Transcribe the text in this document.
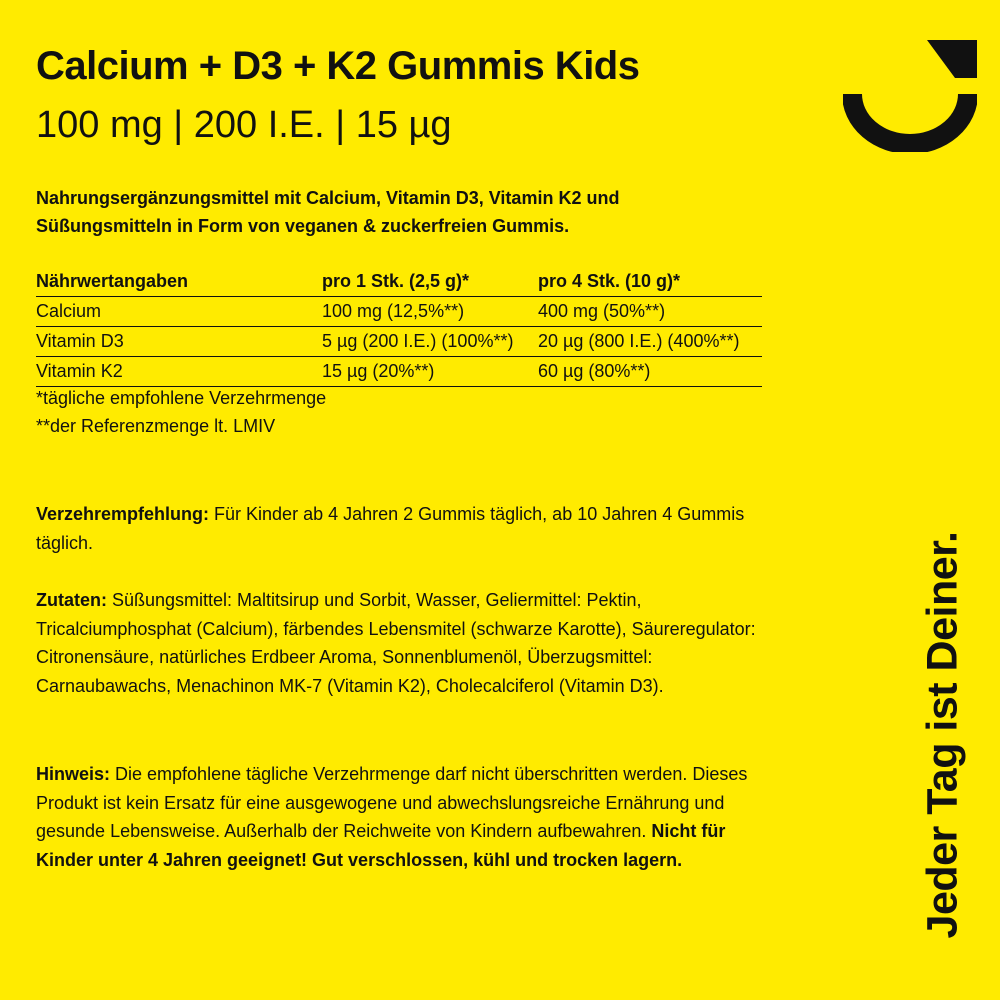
Calcium + D3 + K2 Gummis Kids
100 mg | 200 I.E. | 15 µg

Nahrungsergänzungsmittel mit Calcium, Vitamin D3, Vitamin K2 und Süßungsmitteln in Form von veganen & zuckerfreien Gummis.

Nährwertangaben	pro 1 Stk. (2,5 g)*	pro 4 Stk. (10 g)*
Calcium	100 mg (12,5%**)	400 mg (50%**)
Vitamin D3	5 µg (200 I.E.) (100%**)	20 µg (800 I.E.) (400%**)
Vitamin K2	15 µg (20%**)	60 µg (80%**)

*tägliche empfohlene Verzehrmenge

**der Referenzmenge lt. LMIV

Verzehrempfehlung: Für Kinder ab 4 Jahren 2 Gummis täglich, ab 10 Jahren 4 Gummis täglich.

Zutaten: Süßungsmittel: Maltitsirup und Sorbit, Wasser, Geliermittel: Pektin, Tricalciumphosphat (Calcium), färbendes Lebensmitel (schwarze Karotte), Säureregulator: Citronensäure, natürliches Erdbeer Aroma, Sonnenblumenöl, Überzugsmittel: Carnaubawachs, Menachinon MK-7 (Vitamin K2), Cholecalciferol (Vitamin D3).

Hinweis: Die empfohlene tägliche Verzehrmenge darf nicht überschritten werden. Dieses Produkt ist kein Ersatz für eine ausgewogene und abwechslungsreiche Ernährung und gesunde Lebensweise. Außerhalb der Reichweite von Kindern aufbewahren. Nicht für Kinder unter 4 Jahren geeignet! Gut verschlossen, kühl und trocken lagern.	Jeder Tag ist Deiner.
